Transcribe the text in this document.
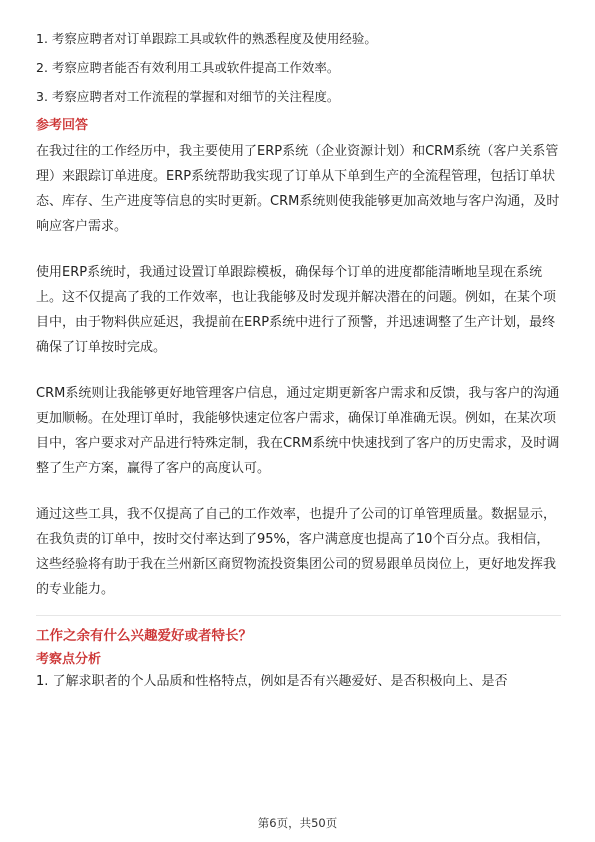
1. 考察应聘者对订单跟踪工具或软件的熟悉程度及使用经验。

2. 考察应聘者能否有效利用工具或软件提高工作效率。

3. 考察应聘者对工作流程的掌握和对细节的关注程度。

参考回答

在我过往的工作经历中，我主要使用了ERP系统（企业资源计划）和CRM系统（客户关系管理）来跟踪订单进度。ERP系统帮助我实现了订单从下单到生产的全流程管理，包括订单状态、库存、生产进度等信息的实时更新。CRM系统则使我能够更加高效地与客户沟通，及时响应客户需求。

使用ERP系统时，我通过设置订单跟踪模板，确保每个订单的进度都能清晰地呈现在系统上。这不仅提高了我的工作效率，也让我能够及时发现并解决潜在的问题。例如，在某个项目中，由于物料供应延迟，我提前在ERP系统中进行了预警，并迅速调整了生产计划，最终确保了订单按时完成。

CRM系统则让我能够更好地管理客户信息，通过定期更新客户需求和反馈，我与客户的沟通更加顺畅。在处理订单时，我能够快速定位客户需求，确保订单准确无误。例如，在某次项目中，客户要求对产品进行特殊定制，我在CRM系统中快速找到了客户的历史需求，及时调整了生产方案，赢得了客户的高度认可。

通过这些工具，我不仅提高了自己的工作效率，也提升了公司的订单管理质量。数据显示，在我负责的订单中，按时交付率达到了95%，客户满意度也提高了10个百分点。我相信，这些经验将有助于我在兰州新区商贸物流投资集团公司的贸易跟单员岗位上，更好地发挥我的专业能力。

工作之余有什么兴趣爱好或者特长？
考察点分析

1. 了解求职者的个人品质和性格特点，例如是否有兴趣爱好、是否积极向上、是否

第6页，共50页
